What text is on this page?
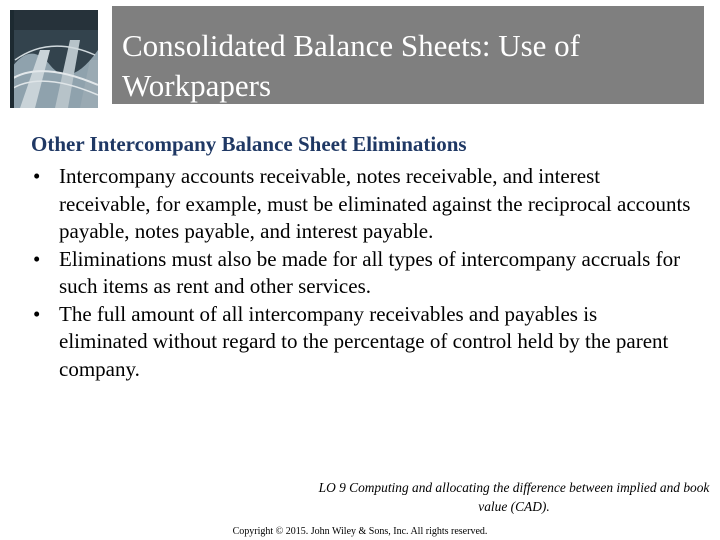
Consolidated Balance Sheets: Use of Workpapers
Other Intercompany Balance Sheet Eliminations
• Intercompany accounts receivable, notes receivable, and interest receivable, for example, must be eliminated against the reciprocal accounts payable, notes payable, and interest payable.
• Eliminations must also be made for all types of intercompany accruals for such items as rent and other services.
• The full amount of all intercompany receivables and payables is eliminated without regard to the percentage of control held by the parent company.
LO 9 Computing and allocating the difference between implied and book value (CAD).
Copyright © 2015. John Wiley & Sons, Inc. All rights reserved.
